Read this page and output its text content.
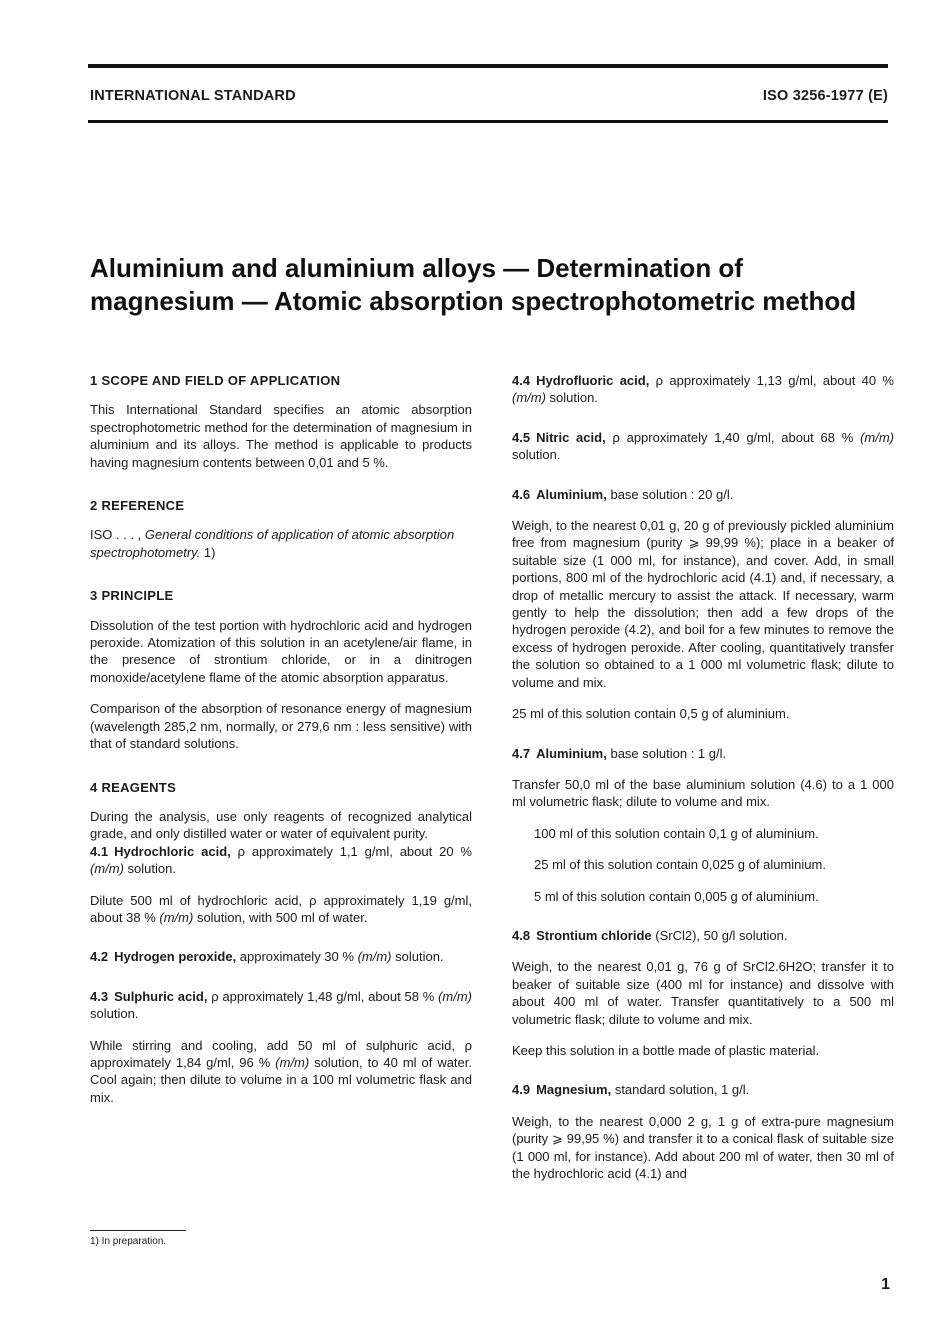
INTERNATIONAL STANDARD	ISO 3256-1977 (E)
Aluminium and aluminium alloys — Determination of
magnesium — Atomic absorption spectrophotometric method
1 SCOPE AND FIELD OF APPLICATION

This International Standard specifies an atomic absorption spectrophotometric method for the determination of magnesium in aluminium and its alloys. The method is applicable to products having magnesium contents between 0,01 and 5 %.

2 REFERENCE

ISO . . . , General conditions of application of atomic absorption spectrophotometry. 1)

3 PRINCIPLE

Dissolution of the test portion with hydrochloric acid and hydrogen peroxide. Atomization of this solution in an acetylene/air flame, in the presence of strontium chloride, or in a dinitrogen monoxide/acetylene flame of the atomic absorption apparatus.

Comparison of the absorption of resonance energy of magnesium (wavelength 285,2 nm, normally, or 279,6 nm : less sensitive) with that of standard solutions.

4 REAGENTS

During the analysis, use only reagents of recognized analytical grade, and only distilled water or water of equivalent purity.

4.1 Hydrochloric acid, ρ approximately 1,1 g/ml, about 20 % (m/m) solution.

Dilute 500 ml of hydrochloric acid, ρ approximately 1,19 g/ml, about 38 % (m/m) solution, with 500 ml of water.

4.2 Hydrogen peroxide, approximately 30 % (m/m) solution.

4.3 Sulphuric acid, ρ approximately 1,48 g/ml, about 58 % (m/m) solution.

While stirring and cooling, add 50 ml of sulphuric acid, ρ approximately 1,84 g/ml, 96 % (m/m) solution, to 40 ml of water. Cool again; then dilute to volume in a 100 ml volumetric flask and mix.

4.4 Hydrofluoric acid, ρ approximately 1,13 g/ml, about 40 % (m/m) solution.

4.5 Nitric acid, ρ approximately 1,40 g/ml, about 68 % (m/m) solution.

4.6 Aluminium, base solution : 20 g/l.

Weigh, to the nearest 0,01 g, 20 g of previously pickled aluminium free from magnesium (purity ⩾ 99,99 %); place in a beaker of suitable size (1 000 ml, for instance), and cover. Add, in small portions, 800 ml of the hydrochloric acid (4.1) and, if necessary, a drop of metallic mercury to assist the attack. If necessary, warm gently to help the dissolution; then add a few drops of the hydrogen peroxide (4.2), and boil for a few minutes to remove the excess of hydrogen peroxide. After cooling, quantitatively transfer the solution so obtained to a 1 000 ml volumetric flask; dilute to volume and mix.

25 ml of this solution contain 0,5 g of aluminium.

4.7 Aluminium, base solution : 1 g/l.

Transfer 50,0 ml of the base aluminium solution (4.6) to a 1 000 ml volumetric flask; dilute to volume and mix.

100 ml of this solution contain 0,1 g of aluminium.

25 ml of this solution contain 0,025 g of aluminium.

5 ml of this solution contain 0,005 g of aluminium.

4.8 Strontium chloride (SrCl2), 50 g/l solution.

Weigh, to the nearest 0,01 g, 76 g of SrCl2.6H2O; transfer it to beaker of suitable size (400 ml for instance) and dissolve with about 400 ml of water. Transfer quantitatively to a 500 ml volumetric flask; dilute to volume and mix.

Keep this solution in a bottle made of plastic material.

4.9 Magnesium, standard solution, 1 g/l.

Weigh, to the nearest 0,000 2 g, 1 g of extra-pure magnesium (purity ⩾ 99,95 %) and transfer it to a conical flask of suitable size (1 000 ml, for instance). Add about 200 ml of water, then 30 ml of the hydrochloric acid (4.1) and

1) In preparation.
1
